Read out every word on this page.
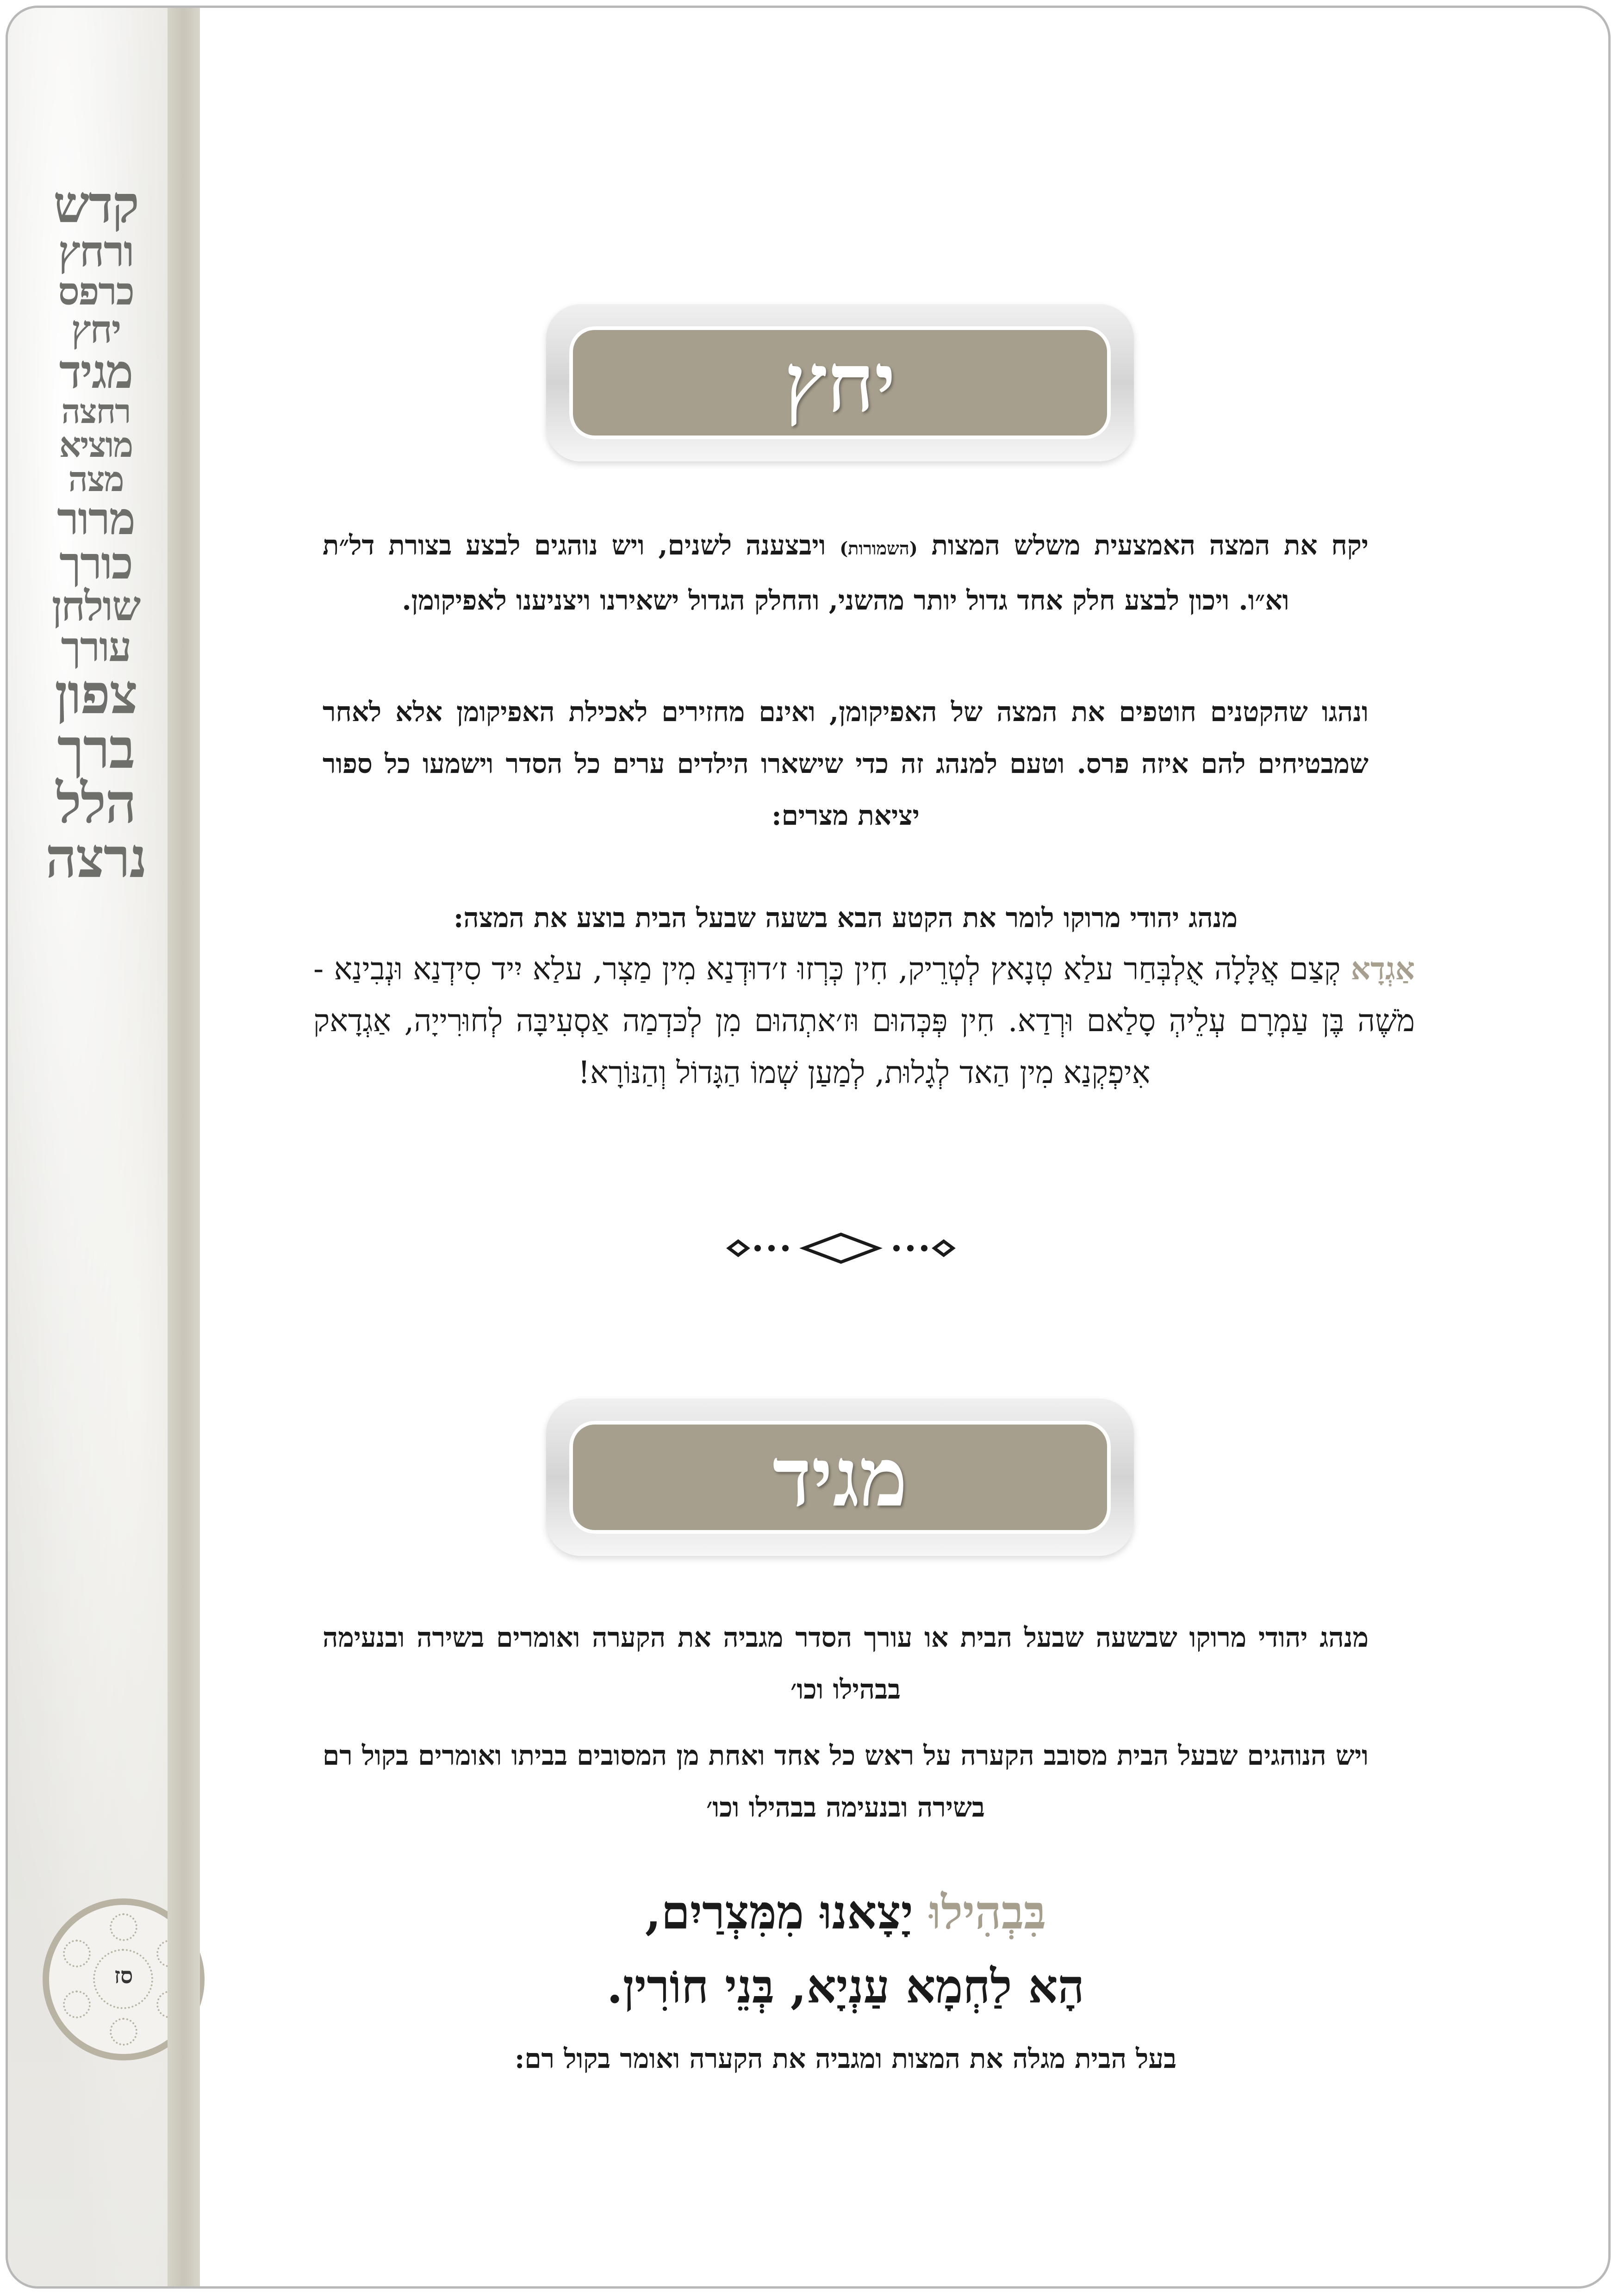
קדש
ורחץ
כרפס
יחץ
מגיד
רחצה
מוציא מצה
מרור
כורך
שולחן עורך
צפון
ברך
הלל
נרצה
סז
יחץ
יקח את המצה האמצעית משלש המצות (השמורות) ויבצענה לשנים, ויש נוהגים לבצע בצורת דל״ת וא״ו. ויכון לבצע חלק אחד גדול יותר מהשני, והחלק הגדול ישאירנו ויצניענו לאפיקומן.
ונהגו שהקטנים חוטפים את המצה של האפיקומן, ואינם מחזירים לאכילת האפיקומן אלא לאחר שמבטיחים להם איזה פרס. וטעם למנהג זה כדי שישארו הילדים ערים כל הסדר וישמעו כל ספור יציאת מצרים:
מנהג יהודי מרוקו לומר את הקטע הבא בשעה שבעל הבית בוצע את המצה:
אַגְדָא קְצַם אֲלָּלָה אֻלְבְּחַר עלַא טְנָאץ לְטְרֵיק, חִין כְּרְזוּ ז׳דוּדְנַא מִין מַצְר, עלַא יִיד סִידְנַא וּנְבִינַא - מֹשֶׁה בֶּן עַמְרָם עְלֵיהְ סָלַאם וּרְדַא. חִין פְּכְּהוּם וּז׳אתְהוּם מִן לְכּדְמַה אַסְעִיבָּה לְחוּרִייָה, אַגְדָאק אִיפְקְנַא מִין הַאד לְגָלוּת, לְמַעַן שְׁמוֹ הַגָּדוֹל וְהַנּוֹרָא!
מגיד
מנהג יהודי מרוקו שבשעה שבעל הבית או עורך הסדר מגביה את הקערה ואומרים בשירה ובנעימה בבהילו וכו׳
ויש הנוהגים שבעל הבית מסובב הקערה על ראש כל אחד ואחת מן המסובים בביתו ואומרים בקול רם בשירה ובנעימה בבהילו וכו׳
בִּבְהִילוּ יָצָאנוּ מִמִּצְרַיִם,
הָא לַחְמָא עַנְיָא, בְּנֵי חוֹרִין.
בעל הבית מגלה את המצות ומגביה את הקערה ואומר בקול רם:
